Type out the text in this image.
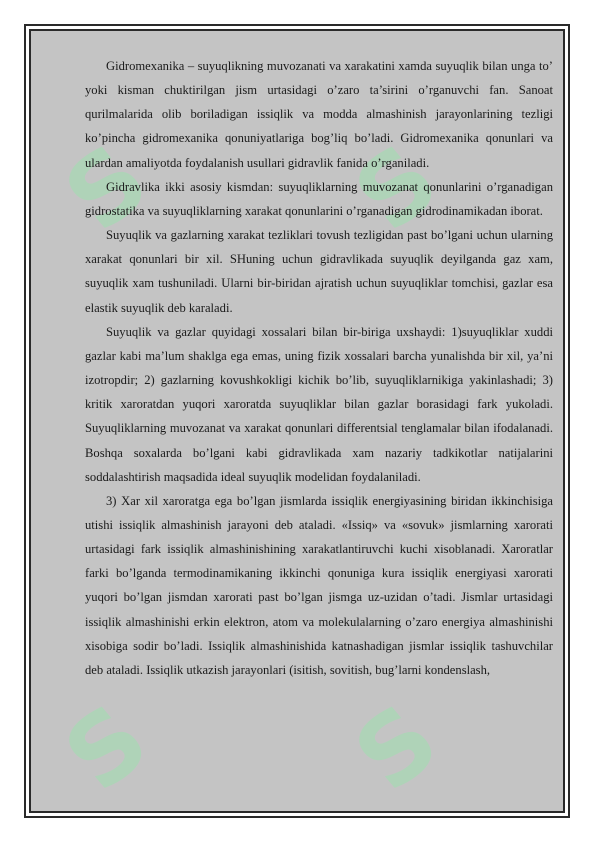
S S
S S

Gidromexanika – suyuqlikning muvozanati va xarakatini xamda suyuqlik bilan unga to’ yoki kisman chuktirilgan jism urtasidagi o’zaro ta’sirini o’rganuvchi fan. Sanoat qurilmalarida olib boriladigan issiqlik va modda almashinish jarayonlarining tezligi ko’pincha gidromexanika qonuniyatlariga bog’liq bo’ladi. Gidromexanika qonunlari va ulardan amaliyotda foydalanish usullari gidravlik fanida o’rganiladi.

Gidravlika ikki asosiy kismdan: suyuqliklarning muvozanat qonunlarini o’rganadigan gidrostatika va suyuqliklarning xarakat qonunlarini o’rganadigan gidrodinamikadan iborat.

Suyuqlik va gazlarning xarakat tezliklari tovush tezligidan past bo’lgani uchun ularning xarakat qonunlari bir xil. SHuning uchun gidravlikada suyuqlik deyilganda gaz xam, suyuqlik xam tushuniladi. Ularni bir-biridan ajratish uchun suyuqliklar tomchisi, gazlar esa elastik suyuqlik deb karaladi.

Suyuqlik va gazlar quyidagi xossalari bilan bir-biriga uxshaydi: 1)suyuqliklar xuddi gazlar kabi ma’lum shaklga ega emas, uning fizik xossalari barcha yunalishda bir xil, ya’ni izotropdir; 2) gazlarning kovushkokligi kichik bo’lib, suyuqliklarnikiga yakinlashadi; 3) kritik xaroratdan yuqori xaroratda suyuqliklar bilan gazlar borasidagi fark yukoladi. Suyuqliklarning muvozanat va xarakat qonunlari differentsial tenglamalar bilan ifodalanadi. Boshqa soxalarda bo’lgani kabi gidravlikada xam nazariy tadkikotlar natijalarini soddalashtirish maqsadida ideal suyuqlik modelidan foydalaniladi.

3) Xar xil xaroratga ega bo’lgan jismlarda issiqlik energiyasining biridan ikkinchisiga utishi issiqlik almashinish jarayoni deb ataladi. «Issiq» va «sovuk» jismlarning xarorati urtasidagi fark issiqlik almashinishining xarakatlantiruvchi kuchi xisoblanadi. Xaroratlar farki bo’lganda termodinamikaning ikkinchi qonuniga kura issiqlik energiyasi xarorati yuqori bo’lgan jismdan xarorati past bo’lgan jismga uz-uzidan o’tadi. Jismlar urtasidagi issiqlik almashinishi erkin elektron, atom va molekulalarning o’zaro energiya almashinishi xisobiga sodir bo’ladi. Issiqlik almashinishida katnashadigan jismlar issiqlik tashuvchilar deb ataladi. Issiqlik utkazish jarayonlari (isitish, sovitish, bug’larni kondenslash,
